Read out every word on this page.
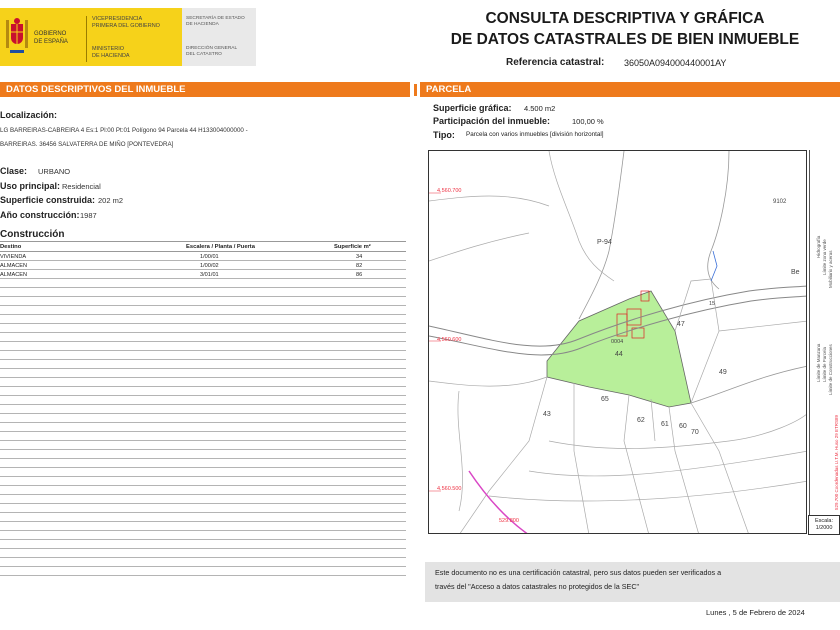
GOBIERNO
DE ESPAÑA
VICEPRESIDENCIA
PRIMERA DEL GOBIERNO
MINISTERIO
DE HACIENDA
SECRETARÍA DE ESTADO
DE HACIENDA
DIRECCIÓN GENERAL
DEL CATASTRO
CONSULTA DESCRIPTIVA Y GRÁFICA
DE DATOS CATASTRALES DE BIEN INMUEBLE
Referencia catastral: 36050A094000440001AY
DATOS DESCRIPTIVOS DEL INMUEBLE	PARCELA
Localización:
LG BARREIRAS-CABREIRA 4 Es:1 Pl:00 Pt:01 Polígono 94 Parcela 44 H133004000000 -
BARREIRAS. 36456 SALVATERRA DE MIÑO [PONTEVEDRA]
Clase: URBANO
Uso principal: Residencial
Superficie construida: 202 m2
Año construcción: 1987
Construcción
Destino	Escalera / Planta / Puerta	Superficie m²
VIVIENDA	1/00/01	34
ALMACEN	1/00/02	82
ALMACEN	3/01/01	86
Superficie gráfica: 4.500 m2
Participación del inmueble:	100,00 %
Tipo: Parcela con varios inmuebles [división horizontal]
4.560.700
4.560.600
4.560.500
529.800
P-94
44
0004
47
49
43
65
62
61 60
70
9102
Be
15
Hidrografía Límite zona verde Mobiliario y aceras
Límite de Manzana Límite de Parcela Límite de Construcciones
529.700 Coordenadas U.T.M. Huso 29 ETRS89
Escala:
1/2000
Este documento no es una certificación catastral, pero sus datos pueden ser verificados a
través del "Acceso a datos catastrales no protegidos de la SEC"
Lunes , 5 de Febrero de 2024
